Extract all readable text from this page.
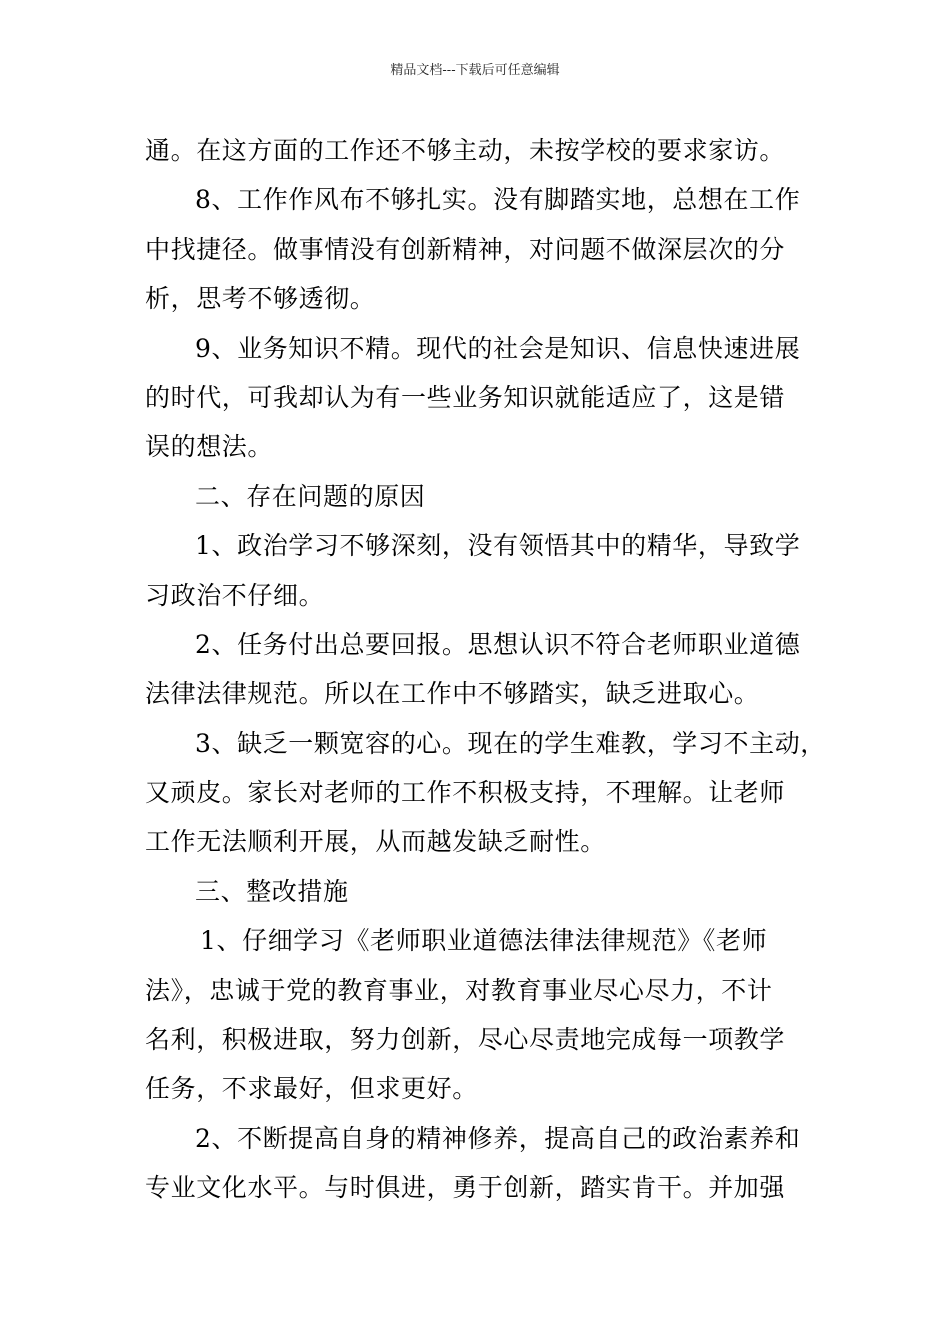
精品文档---下载后可任意编辑
通。在这方面的工作还不够主动，未按学校的要求家访。
8、工作作风布不够扎实。没有脚踏实地，总想在工作
中找捷径。做事情没有创新精神，对问题不做深层次的分
析，思考不够透彻。
9、业务知识不精。现代的社会是知识、信息快速进展
的时代，可我却认为有一些业务知识就能适应了，这是错
误的想法。
二、存在问题的原因
1、政治学习不够深刻，没有领悟其中的精华，导致学
习政治不仔细。
2、任务付出总要回报。思想认识不符合老师职业道德
法律法律规范。所以在工作中不够踏实，缺乏进取心。
3、缺乏一颗宽容的心。现在的学生难教，学习不主动，
又顽皮。家长对老师的工作不积极支持，不理解。让老师
工作无法顺利开展，从而越发缺乏耐性。
三、整改措施
1、仔细学习《老师职业道德法律法律规范》《老师
法》，忠诚于党的教育事业，对教育事业尽心尽力，不计
名利，积极进取，努力创新，尽心尽责地完成每一项教学
任务，不求最好，但求更好。
2、不断提高自身的精神修养，提高自己的政治素养和
专业文化水平。与时俱进，勇于创新，踏实肯干。并加强
